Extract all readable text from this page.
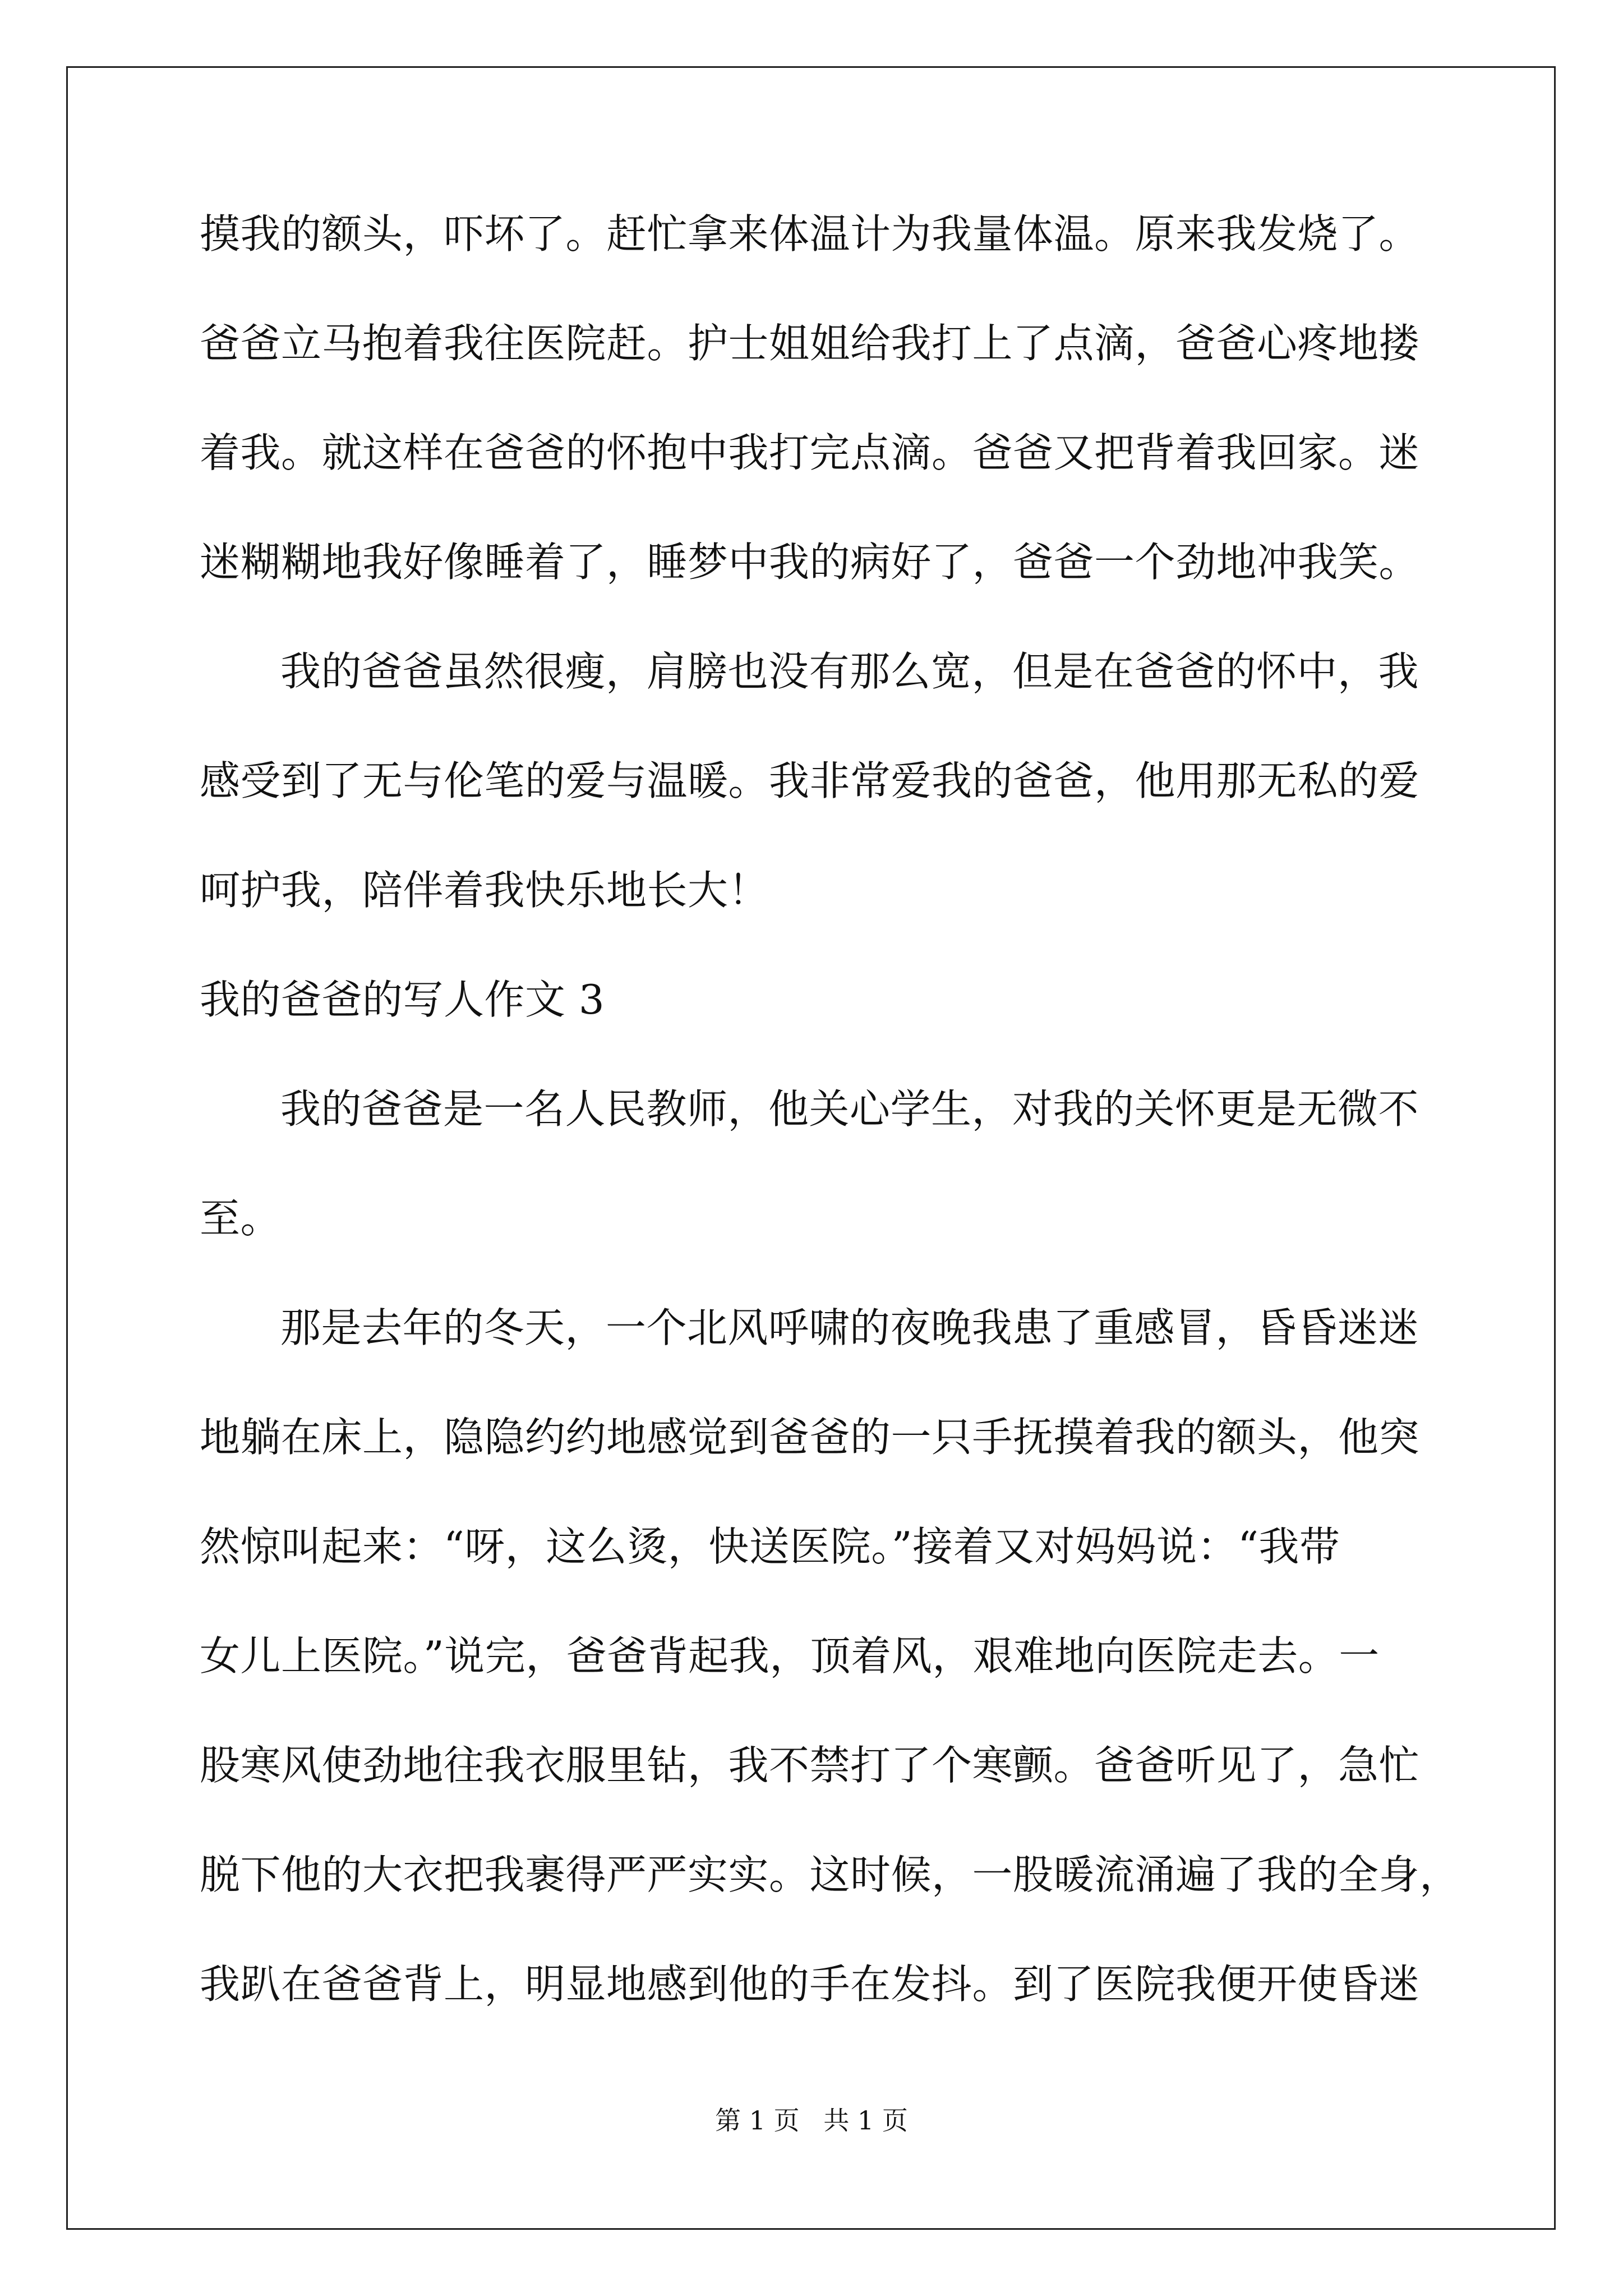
摸我的额头，吓坏了。赶忙拿来体温计为我量体温。原来我发烧了。
爸爸立马抱着我往医院赶。护士姐姐给我打上了点滴，爸爸心疼地搂
着我。就这样在爸爸的怀抱中我打完点滴。爸爸又把背着我回家。迷
迷糊糊地我好像睡着了，睡梦中我的病好了，爸爸一个劲地冲我笑。
我的爸爸虽然很瘦，肩膀也没有那么宽，但是在爸爸的怀中，我
感受到了无与伦笔的爱与温暖。我非常爱我的爸爸，他用那无私的爱
呵护我，陪伴着我快乐地长大！
我的爸爸的写人作文 3
我的爸爸是一名人民教师，他关心学生，对我的关怀更是无微不
至。
那是去年的冬天，一个北风呼啸的夜晚我患了重感冒，昏昏迷迷
地躺在床上，隐隐约约地感觉到爸爸的一只手抚摸着我的额头，他突
然惊叫起来：“呀，这么烫，快送医院。”接着又对妈妈说：“我带
女儿上医院。”说完，爸爸背起我，顶着风，艰难地向医院走去。一
股寒风使劲地往我衣服里钻，我不禁打了个寒颤。爸爸听见了，急忙
脱下他的大衣把我裹得严严实实。这时候，一股暖流涌遍了我的全身，
我趴在爸爸背上，明显地感到他的手在发抖。到了医院我便开使昏迷
第 1 页 共 1 页
